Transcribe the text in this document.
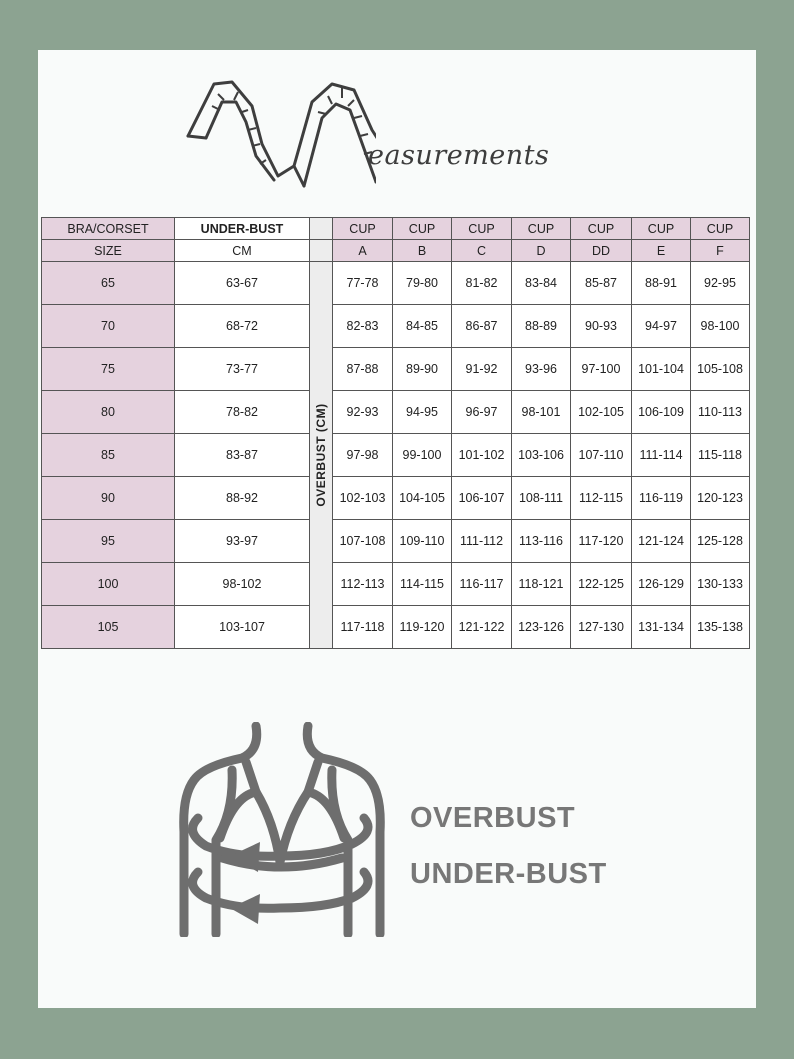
easurements
BRA/CORSET	UNDER-BUST		CUP	CUP	CUP	CUP	CUP	CUP	CUP
SIZE	CM		A	B	C	D	DD	E	F
65	63-67	OVERBUST (CM)	77-78	79-80	81-82	83-84	85-87	88-91	92-95
70	68-72		82-83	84-85	86-87	88-89	90-93	94-97	98-100
75	73-77		87-88	89-90	91-92	93-96	97-100	101-104	105-108
80	78-82		92-93	94-95	96-97	98-101	102-105	106-109	110-113
85	83-87		97-98	99-100	101-102	103-106	107-110	111-114	115-118
90	88-92		102-103	104-105	106-107	108-111	112-115	116-119	120-123
95	93-97		107-108	109-110	111-112	113-116	117-120	121-124	125-128
100	98-102		112-113	114-115	116-117	118-121	122-125	126-129	130-133
105	103-107		117-118	119-120	121-122	123-126	127-130	131-134	135-138
OVERBUST
UNDER-BUST
